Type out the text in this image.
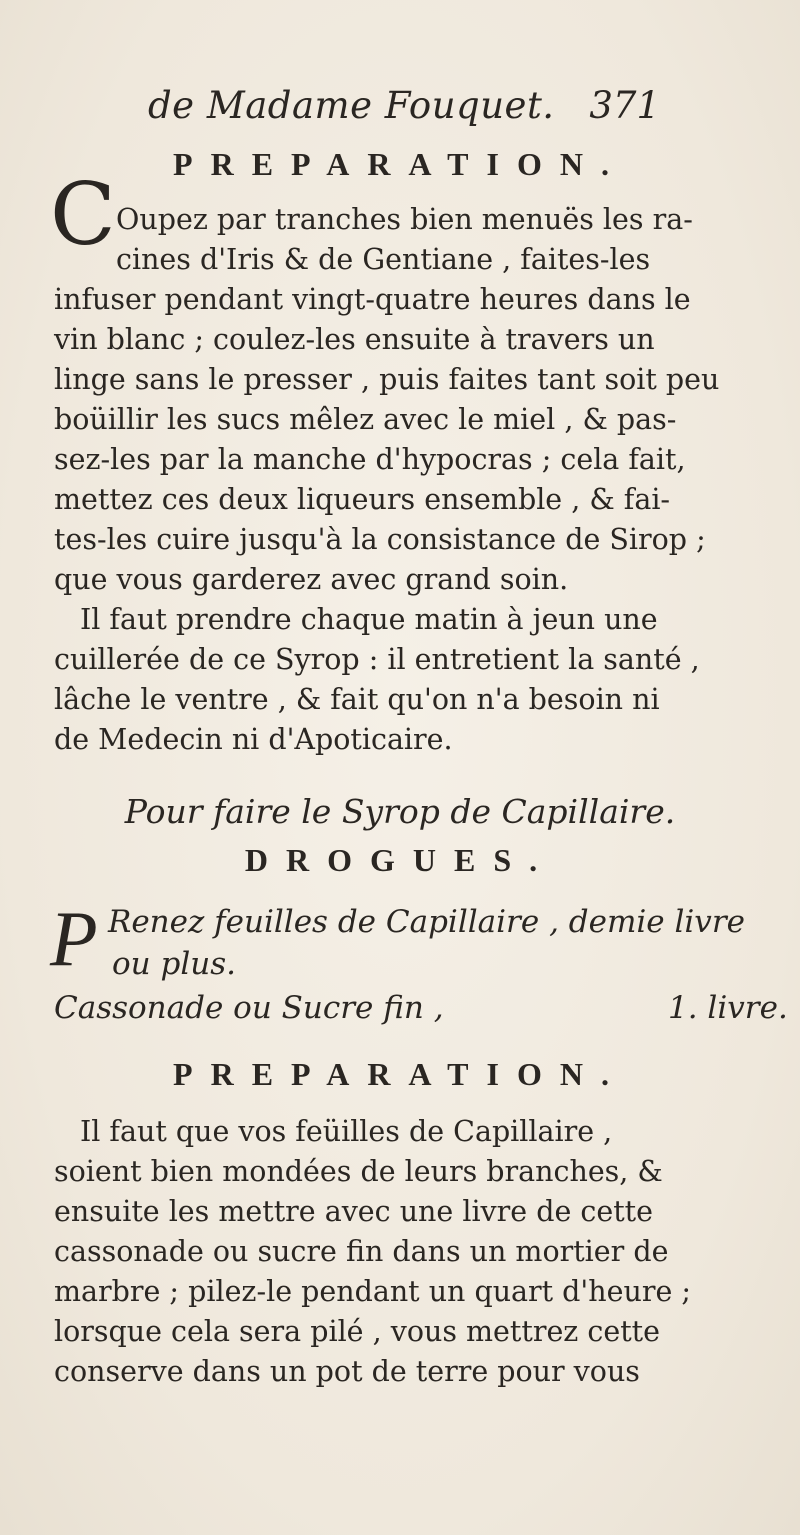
de Madame Fouquet. 371
PREPARATION.
C Oupez par tranches bien menuës les ra-
cines d'Iris & de Gentiane , faites-les
infuser pendant vingt-quatre heures dans le
vin blanc ; coulez-les ensuite à travers un
linge sans le presser , puis faites tant soit peu
boüillir les sucs mêlez avec le miel , & pas-
sez-les par la manche d'hypocras ; cela fait,
mettez ces deux liqueurs ensemble , & fai-
tes-les cuire jusqu'à la consistance de Sirop ;
que vous garderez avec grand soin.
Il faut prendre chaque matin à jeun une
cuillerée de ce Syrop : il entretient la santé ,
lâche le ventre , & fait qu'on n'a besoin ni
de Medecin ni d'Apoticaire.
Pour faire le Syrop de Capillaire.
DROGUES.
P Renez feuilles de Capillaire , demie livre
ou plus.
Cassonade ou Sucre fin ,	1. livre.
PREPARATION.
Il faut que vos feüilles de Capillaire ,
soient bien mondées de leurs branches, &
ensuite les mettre avec une livre de cette
cassonade ou sucre fin dans un mortier de
marbre ; pilez-le pendant un quart d'heure ;
lorsque cela sera pilé , vous mettrez cette
conserve dans un pot de terre pour vous
